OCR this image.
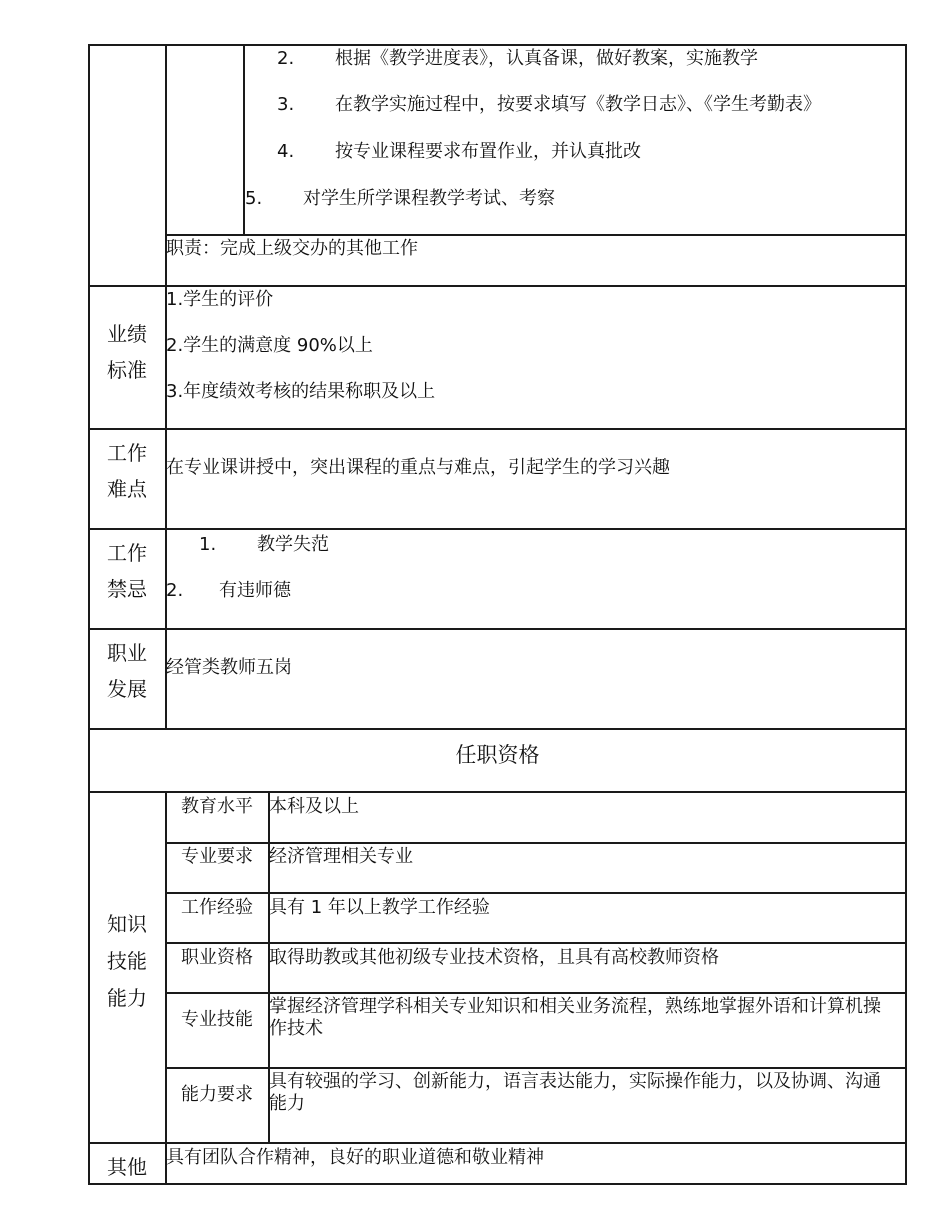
2. 根据《教学进度表》，认真备课，做好教案，实施教学
3. 在教学实施过程中，按要求填写《教学日志》、《学生考勤表》
4. 按专业课程要求布置作业，并认真批改
5. 对学生所学课程教学考试、考察
职责：完成上级交办的其他工作
业绩
标准
1.学生的评价
2.学生的满意度 90%以上
3.年度绩效考核的结果称职及以上
工作
难点
在专业课讲授中，突出课程的重点与难点，引起学生的学习兴趣
工作
禁忌
1. 教学失范
2. 有违师德
职业
发展
经管类教师五岗
任职资格
知识
技能
能力
教育水平 本科及以上
专业要求 经济管理相关专业
工作经验 具有 1 年以上教学工作经验
职业资格 取得助教或其他初级专业技术资格，且具有高校教师资格
专业技能
掌握经济管理学科相关专业知识和相关业务流程，熟练地掌握外语和计算机操作技术
能力要求
具有较强的学习、创新能力，语言表达能力，实际操作能力，以及协调、沟通能力
其他	具有团队合作精神，良好的职业道德和敬业精神
